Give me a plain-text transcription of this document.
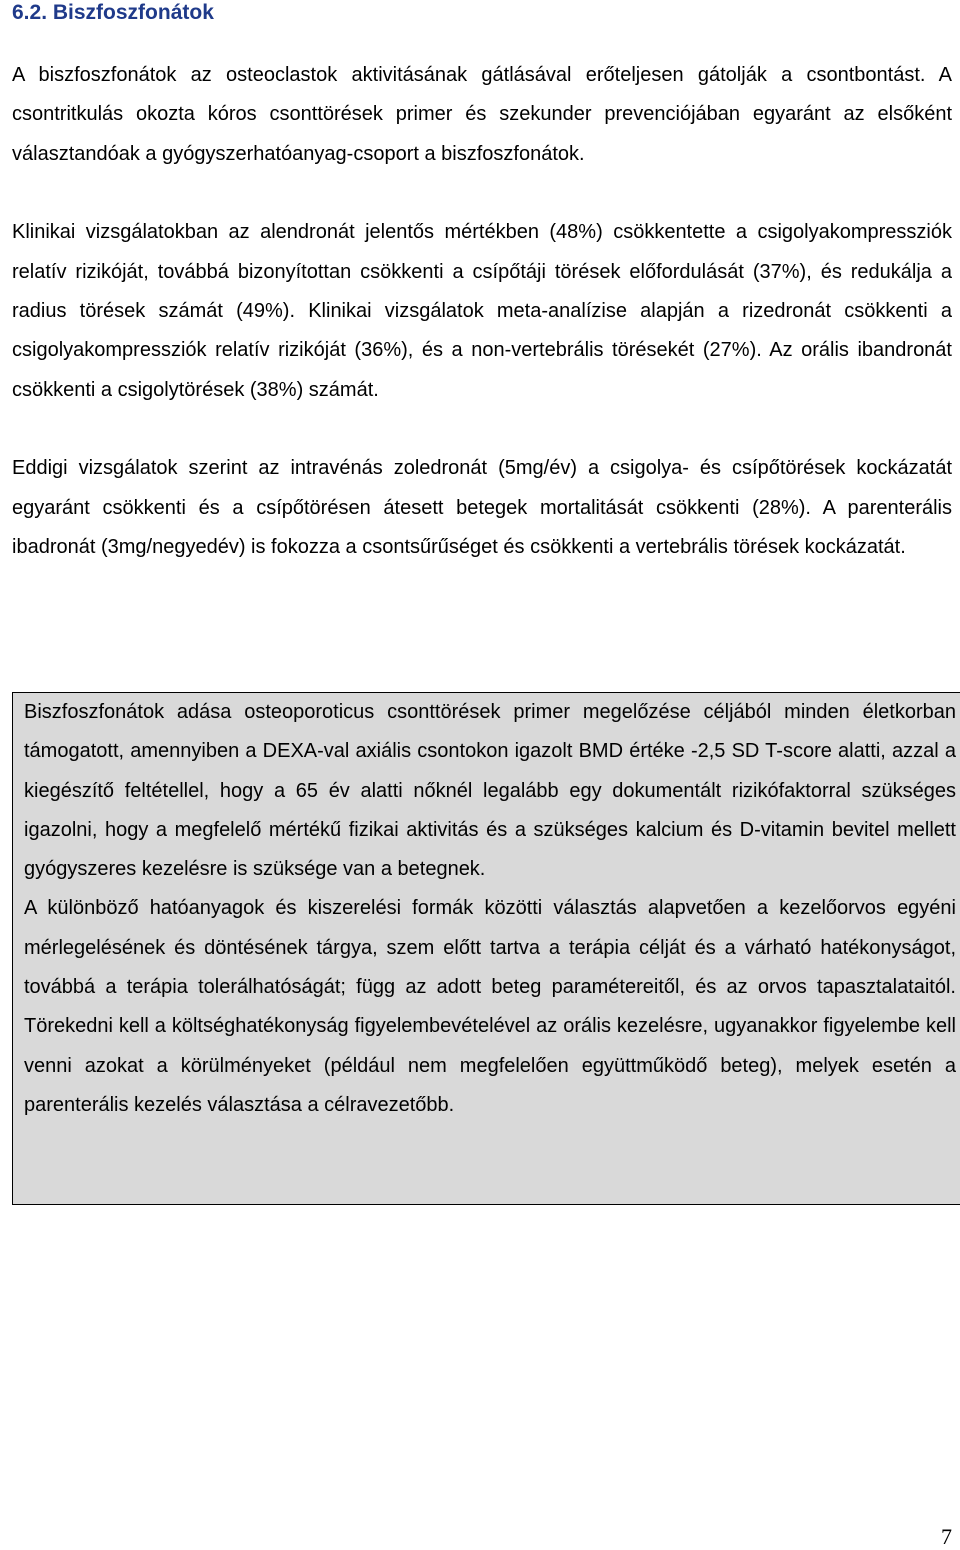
6.2. Biszfoszfonátok

A biszfoszfonátok az osteoclastok aktivitásának gátlásával erőteljesen gátolják a csontbontást. A csontritkulás okozta kóros csonttörések primer és szekunder prevenciójában egyaránt az elsőként választandóak a gyógyszerhatóanyag-csoport a biszfoszfonátok.

Klinikai vizsgálatokban az alendronát jelentős mértékben (48%) csökkentette a csigolyakompressziók relatív rizikóját, továbbá bizonyítottan csökkenti a csípőtáji törések előfordulását (37%), és redukálja a radius törések számát (49%). Klinikai vizsgálatok meta-analízise alapján a rizedronát csökkenti a csigolyakompressziók relatív rizikóját (36%), és a non-vertebrális törésekét (27%). Az orális ibandronát csökkenti a csigolytörések (38%) számát.

Eddigi vizsgálatok szerint az intravénás zoledronát (5mg/év) a csigolya- és csípőtörések kockázatát egyaránt csökkenti és a csípőtörésen átesett betegek mortalitását csökkenti (28%). A parenterális ibadronát (3mg/negyedév) is fokozza a csontsűrűséget és csökkenti a vertebrális törések kockázatát.

Biszfoszfonátok adása osteoporoticus csonttörések primer megelőzése céljából minden életkorban támogatott, amennyiben a DEXA-val axiális csontokon igazolt BMD értéke -2,5 SD T-score alatti, azzal a kiegészítő feltétellel, hogy a 65 év alatti nőknél legalább egy dokumentált rizikófaktorral szükséges igazolni, hogy a megfelelő mértékű fizikai aktivitás és a szükséges kalcium és D-vitamin bevitel mellett gyógyszeres kezelésre is szüksége van a betegnek.

A különböző hatóanyagok és kiszerelési formák közötti választás alapvetően a kezelőorvos egyéni mérlegelésének és döntésének tárgya, szem előtt tartva a terápia célját és a várható hatékonyságot, továbbá a terápia tolerálhatóságát; függ az adott beteg paramétereitől, és az orvos tapasztalataitól. Törekedni kell a költséghatékonyság figyelembevételével az orális kezelésre, ugyanakkor figyelembe kell venni azokat a körülményeket (például nem megfelelően együttműködő beteg), melyek esetén a parenterális kezelés választása a célravezetőbb.

7
